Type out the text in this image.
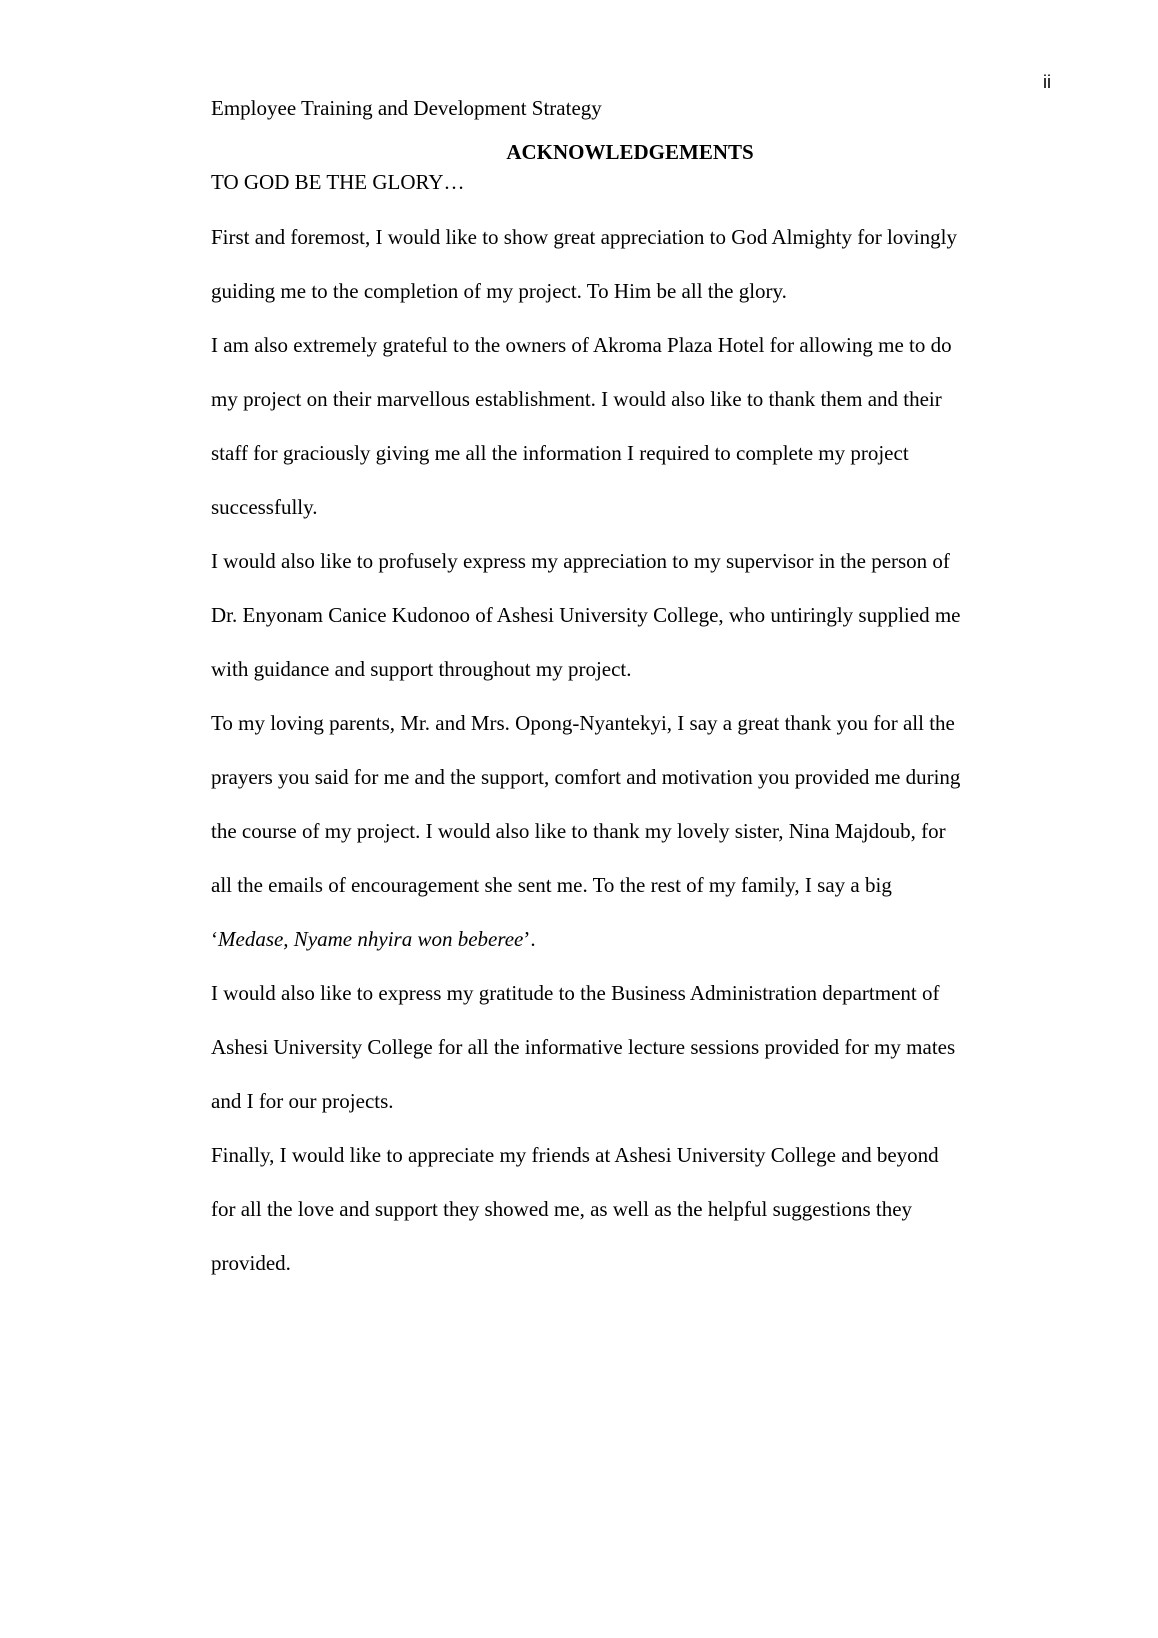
ii
Employee Training and Development Strategy
ACKNOWLEDGEMENTS

TO GOD BE THE GLORY…

First and foremost, I would like to show great appreciation to God Almighty for lovingly

guiding me to the completion of my project. To Him be all the glory.

I am also extremely grateful to the owners of Akroma Plaza Hotel for allowing me to do

my project on their marvellous establishment. I would also like to thank them and their

staff for graciously giving me all the information I required to complete my project

successfully.

I would also like to profusely express my appreciation to my supervisor in the person of

Dr. Enyonam Canice Kudonoo of Ashesi University College, who untiringly supplied me

with guidance and support throughout my project.

To my loving parents, Mr. and Mrs. Opong-Nyantekyi, I say a great thank you for all the

prayers you said for me and the support, comfort and motivation you provided me during

the course of my project. I would also like to thank my lovely sister, Nina Majdoub, for

all the emails of encouragement she sent me. To the rest of my family, I say a big

‘Medase, Nyame nhyira won beberee’.

I would also like to express my gratitude to the Business Administration department of

Ashesi University College for all the informative lecture sessions provided for my mates

and I for our projects.

Finally, I would like to appreciate my friends at Ashesi University College and beyond

for all the love and support they showed me, as well as the helpful suggestions they

provided.
